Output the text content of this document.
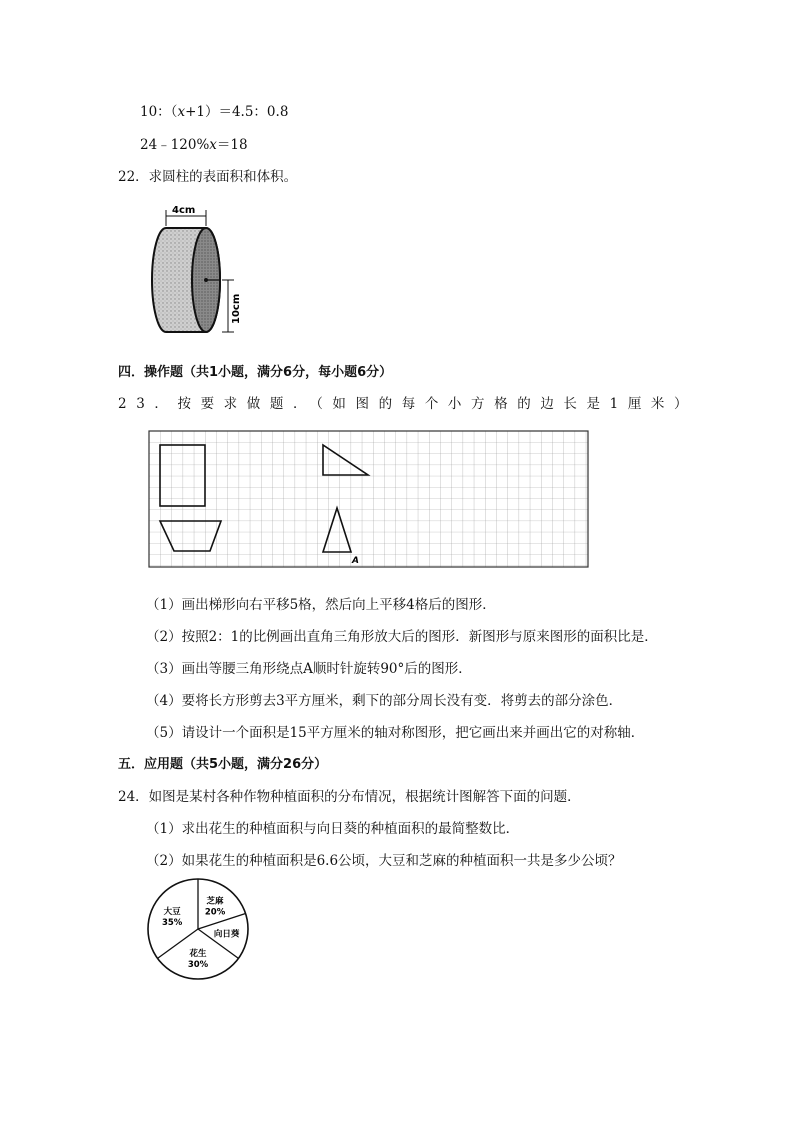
10：（x+1）＝4.5：0.8
24﹣120%x＝18
22．求圆柱的表面积和体积。
4cm
10cm
四．操作题（共1小题，满分6分，每小题6分）
23．按要求做题．（如图的每个小方格的边长是1厘米）
A
（1）画出梯形向右平移5格，然后向上平移4格后的图形．
（2）按照2：1的比例画出直角三角形放大后的图形．新图形与原来图形的面积比是．
（3）画出等腰三角形绕点A顺时针旋转90°后的图形．
（4）要将长方形剪去3平方厘米，剩下的部分周长没有变．将剪去的部分涂色．
（5）请设计一个面积是15平方厘米的轴对称图形，把它画出来并画出它的对称轴．
五．应用题（共5小题，满分26分）
24．如图是某村各种作物种植面积的分布情况，根据统计图解答下面的问题．
（1）求出花生的种植面积与向日葵的种植面积的最简整数比．
（2）如果花生的种植面积是6.6公顷，大豆和芝麻的种植面积一共是多少公顷？
芝麻
20%
向日葵
花生
30%
大豆
35%
